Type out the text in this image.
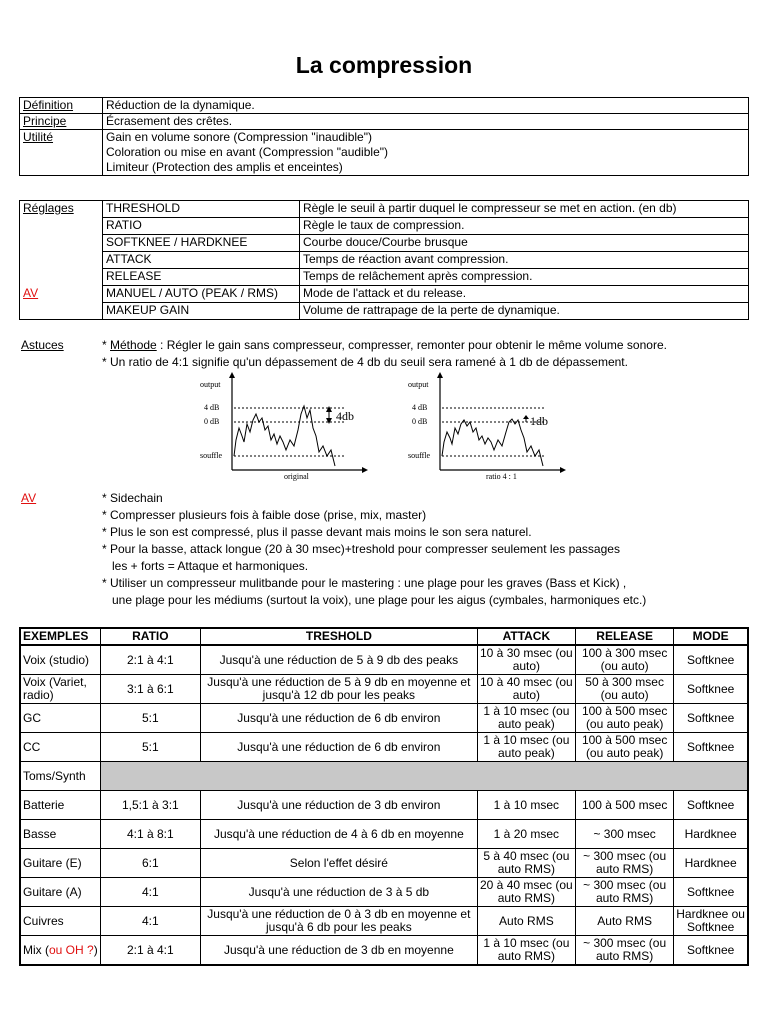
La compression
Définition	Réduction de la dynamique.
Principe	Écrasement des crêtes.
Utilité	Gain en volume sonore (Compression "inaudible")
Coloration ou mise en avant (Compression "audible")
Limiteur (Protection des amplis et enceintes)
Réglages	THRESHOLD	Règle le seuil à partir duquel le compresseur se met en action. (en db)
	RATIO	Règle le taux de compression.
	SOFTKNEE / HARDKNEE	Courbe douce/Courbe brusque
	ATTACK	Temps de réaction avant compression.
	RELEASE	Temps de relâchement après compression.
AV	MANUEL / AUTO (PEAK / RMS)	Mode de l'attack et du release.
	MAKEUP GAIN	Volume de rattrapage de la perte de dynamique.
Astuces	* Méthode : Régler le gain sans compresseur, compresser, remonter pour obtenir le même volume sonore.
* Un ratio de 4:1 signifie qu'un dépassement de 4 db du seuil sera ramené à 1 db de dépassement.
output
4 dB
0 dB
souffle
original
4db
output
4 dB
0 dB
souffle
ratio 4 : 1
1db
AV	* Sidechain
* Compresser plusieurs fois à faible dose (prise, mix, master)
* Plus le son est compressé, plus il passe devant mais moins le son sera naturel.
* Pour la basse, attack longue (20 à 30 msec)+treshold pour compresser seulement les passages
les + forts = Attaque et harmoniques.
* Utiliser un compresseur mulitbande pour le mastering : une plage pour les graves (Bass et Kick) ,
une plage pour les médiums (surtout la voix), une plage pour les aigus (cymbales, harmoniques etc.)
EXEMPLES	RATIO	TRESHOLD	ATTACK	RELEASE	MODE
Voix (studio)	2:1 à 4:1	Jusqu'à une réduction de 5 à 9 db des peaks	10 à 30 msec (ou auto)	100 à 300 msec (ou auto)	Softknee
Voix (Variet, radio)	3:1 à 6:1	Jusqu'à une réduction de 5 à 9 db en moyenne et jusqu'à 12 db pour les peaks	10 à 40 msec (ou auto)	50 à 300 msec (ou auto)	Softknee
GC	5:1	Jusqu'à une réduction de 6 db environ	1 à 10 msec (ou auto peak)	100 à 500 msec (ou auto peak)	Softknee
CC	5:1	Jusqu'à une réduction de 6 db environ	1 à 10 msec (ou auto peak)	100 à 500 msec (ou auto peak)	Softknee
Toms/Synth					
Batterie	1,5:1 à 3:1	Jusqu'à une réduction de 3 db environ	1 à 10 msec	100 à 500 msec	Softknee
Basse	4:1 à 8:1	Jusqu'à une réduction de 4 à 6 db en moyenne	1 à 20 msec	~ 300 msec	Hardknee
Guitare (E)	6:1	Selon l'effet désiré	5 à 40 msec (ou auto RMS)	~ 300 msec (ou auto RMS)	Hardknee
Guitare (A)	4:1	Jusqu'à une réduction de 3 à 5 db	20 à 40 msec (ou auto RMS)	~ 300 msec (ou auto RMS)	Softknee
Cuivres	4:1	Jusqu'à une réduction de 0 à 3 db en moyenne et jusqu'à 6 db pour les peaks	Auto RMS	Auto RMS	Hardknee ou Softknee
Mix (ou OH ?)	2:1 à 4:1	Jusqu'à une réduction de 3 db en moyenne	1 à 10 msec (ou auto RMS)	~ 300 msec (ou auto RMS)	Softknee
